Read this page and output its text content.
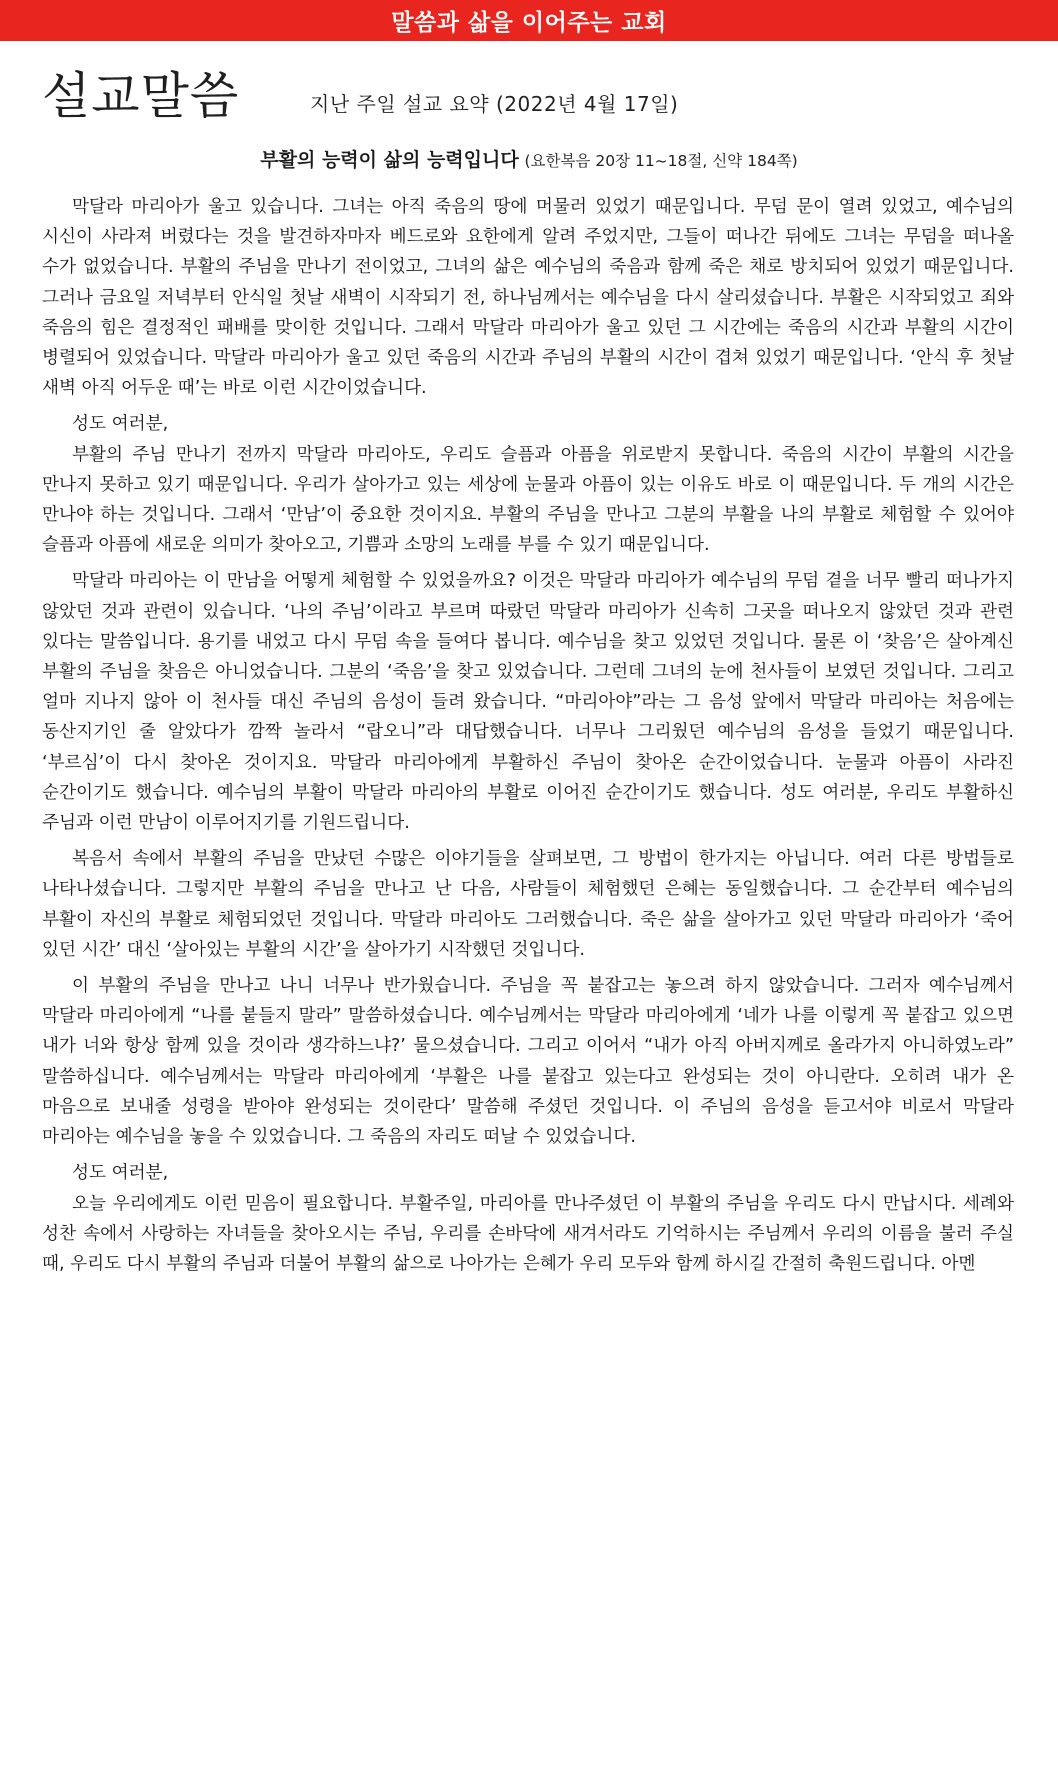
말씀과 삶을 이어주는 교회
설교말씀	지난 주일 설교 요약 (2022년 4월 17일)
부활의 능력이 삶의 능력입니다 (요한복음 20장 11~18절, 신약 184쪽)

막달라 마리아가 울고 있습니다. 그녀는 아직 죽음의 땅에 머물러 있었기 때문입니다. 무덤 문이 열려 있었고, 예수님의 시신이 사라져 버렸다는 것을 발견하자마자 베드로와 요한에게 알려 주었지만, 그들이 떠나간 뒤에도 그녀는 무덤을 떠나올 수가 없었습니다. 부활의 주님을 만나기 전이었고, 그녀의 삶은 예수님의 죽음과 함께 죽은 채로 방치되어 있었기 때문입니다. 그러나 금요일 저녁부터 안식일 첫날 새벽이 시작되기 전, 하나님께서는 예수님을 다시 살리셨습니다. 부활은 시작되었고 죄와 죽음의 힘은 결정적인 패배를 맞이한 것입니다. 그래서 막달라 마리아가 울고 있던 그 시간에는 죽음의 시간과 부활의 시간이 병렬되어 있었습니다. 막달라 마리아가 울고 있던 죽음의 시간과 주님의 부활의 시간이 겹쳐 있었기 때문입니다. ‘안식 후 첫날 새벽 아직 어두운 때’는 바로 이런 시간이었습니다.

성도 여러분,

부활의 주님 만나기 전까지 막달라 마리아도, 우리도 슬픔과 아픔을 위로받지 못합니다. 죽음의 시간이 부활의 시간을 만나지 못하고 있기 때문입니다. 우리가 살아가고 있는 세상에 눈물과 아픔이 있는 이유도 바로 이 때문입니다. 두 개의 시간은 만나야 하는 것입니다. 그래서 ‘만남’이 중요한 것이지요. 부활의 주님을 만나고 그분의 부활을 나의 부활로 체험할 수 있어야 슬픔과 아픔에 새로운 의미가 찾아오고, 기쁨과 소망의 노래를 부를 수 있기 때문입니다.

막달라 마리아는 이 만남을 어떻게 체험할 수 있었을까요? 이것은 막달라 마리아가 예수님의 무덤 곁을 너무 빨리 떠나가지 않았던 것과 관련이 있습니다. ‘나의 주님’이라고 부르며 따랐던 막달라 마리아가 신속히 그곳을 떠나오지 않았던 것과 관련 있다는 말씀입니다. 용기를 내었고 다시 무덤 속을 들여다 봅니다. 예수님을 찾고 있었던 것입니다. 물론 이 ‘찾음’은 살아계신 부활의 주님을 찾음은 아니었습니다. 그분의 ‘죽음’을 찾고 있었습니다. 그런데 그녀의 눈에 천사들이 보였던 것입니다. 그리고 얼마 지나지 않아 이 천사들 대신 주님의 음성이 들려 왔습니다. “마리아야”라는 그 음성 앞에서 막달라 마리아는 처음에는 동산지기인 줄 알았다가 깜짝 놀라서 “랍오니”라 대답했습니다. 너무나 그리웠던 예수님의 음성을 들었기 때문입니다. ‘부르심’이 다시 찾아온 것이지요. 막달라 마리아에게 부활하신 주님이 찾아온 순간이었습니다. 눈물과 아픔이 사라진 순간이기도 했습니다. 예수님의 부활이 막달라 마리아의 부활로 이어진 순간이기도 했습니다. 성도 여러분, 우리도 부활하신 주님과 이런 만남이 이루어지기를 기원드립니다.

복음서 속에서 부활의 주님을 만났던 수많은 이야기들을 살펴보면, 그 방법이 한가지는 아닙니다. 여러 다른 방법들로 나타나셨습니다. 그렇지만 부활의 주님을 만나고 난 다음, 사람들이 체험했던 은혜는 동일했습니다. 그 순간부터 예수님의 부활이 자신의 부활로 체험되었던 것입니다. 막달라 마리아도 그러했습니다. 죽은 삶을 살아가고 있던 막달라 마리아가 ‘죽어 있던 시간’ 대신 ‘살아있는 부활의 시간’을 살아가기 시작했던 것입니다.

이 부활의 주님을 만나고 나니 너무나 반가웠습니다. 주님을 꼭 붙잡고는 놓으려 하지 않았습니다. 그러자 예수님께서 막달라 마리아에게 “나를 붙들지 말라” 말씀하셨습니다. 예수님께서는 막달라 마리아에게 ‘네가 나를 이렇게 꼭 붙잡고 있으면 내가 너와 항상 함께 있을 것이라 생각하느냐?’ 물으셨습니다. 그리고 이어서 “내가 아직 아버지께로 올라가지 아니하였노라” 말씀하십니다. 예수님께서는 막달라 마리아에게 ‘부활은 나를 붙잡고 있는다고 완성되는 것이 아니란다. 오히려 내가 온 마음으로 보내줄 성령을 받아야 완성되는 것이란다’ 말씀해 주셨던 것입니다. 이 주님의 음성을 듣고서야 비로서 막달라 마리아는 예수님을 놓을 수 있었습니다. 그 죽음의 자리도 떠날 수 있었습니다.

성도 여러분,

오늘 우리에게도 이런 믿음이 필요합니다. 부활주일, 마리아를 만나주셨던 이 부활의 주님을 우리도 다시 만납시다. 세례와 성찬 속에서 사랑하는 자녀들을 찾아오시는 주님, 우리를 손바닥에 새겨서라도 기억하시는 주님께서 우리의 이름을 불러 주실 때, 우리도 다시 부활의 주님과 더불어 부활의 삶으로 나아가는 은혜가 우리 모두와 함께 하시길 간절히 축원드립니다. 아멘
